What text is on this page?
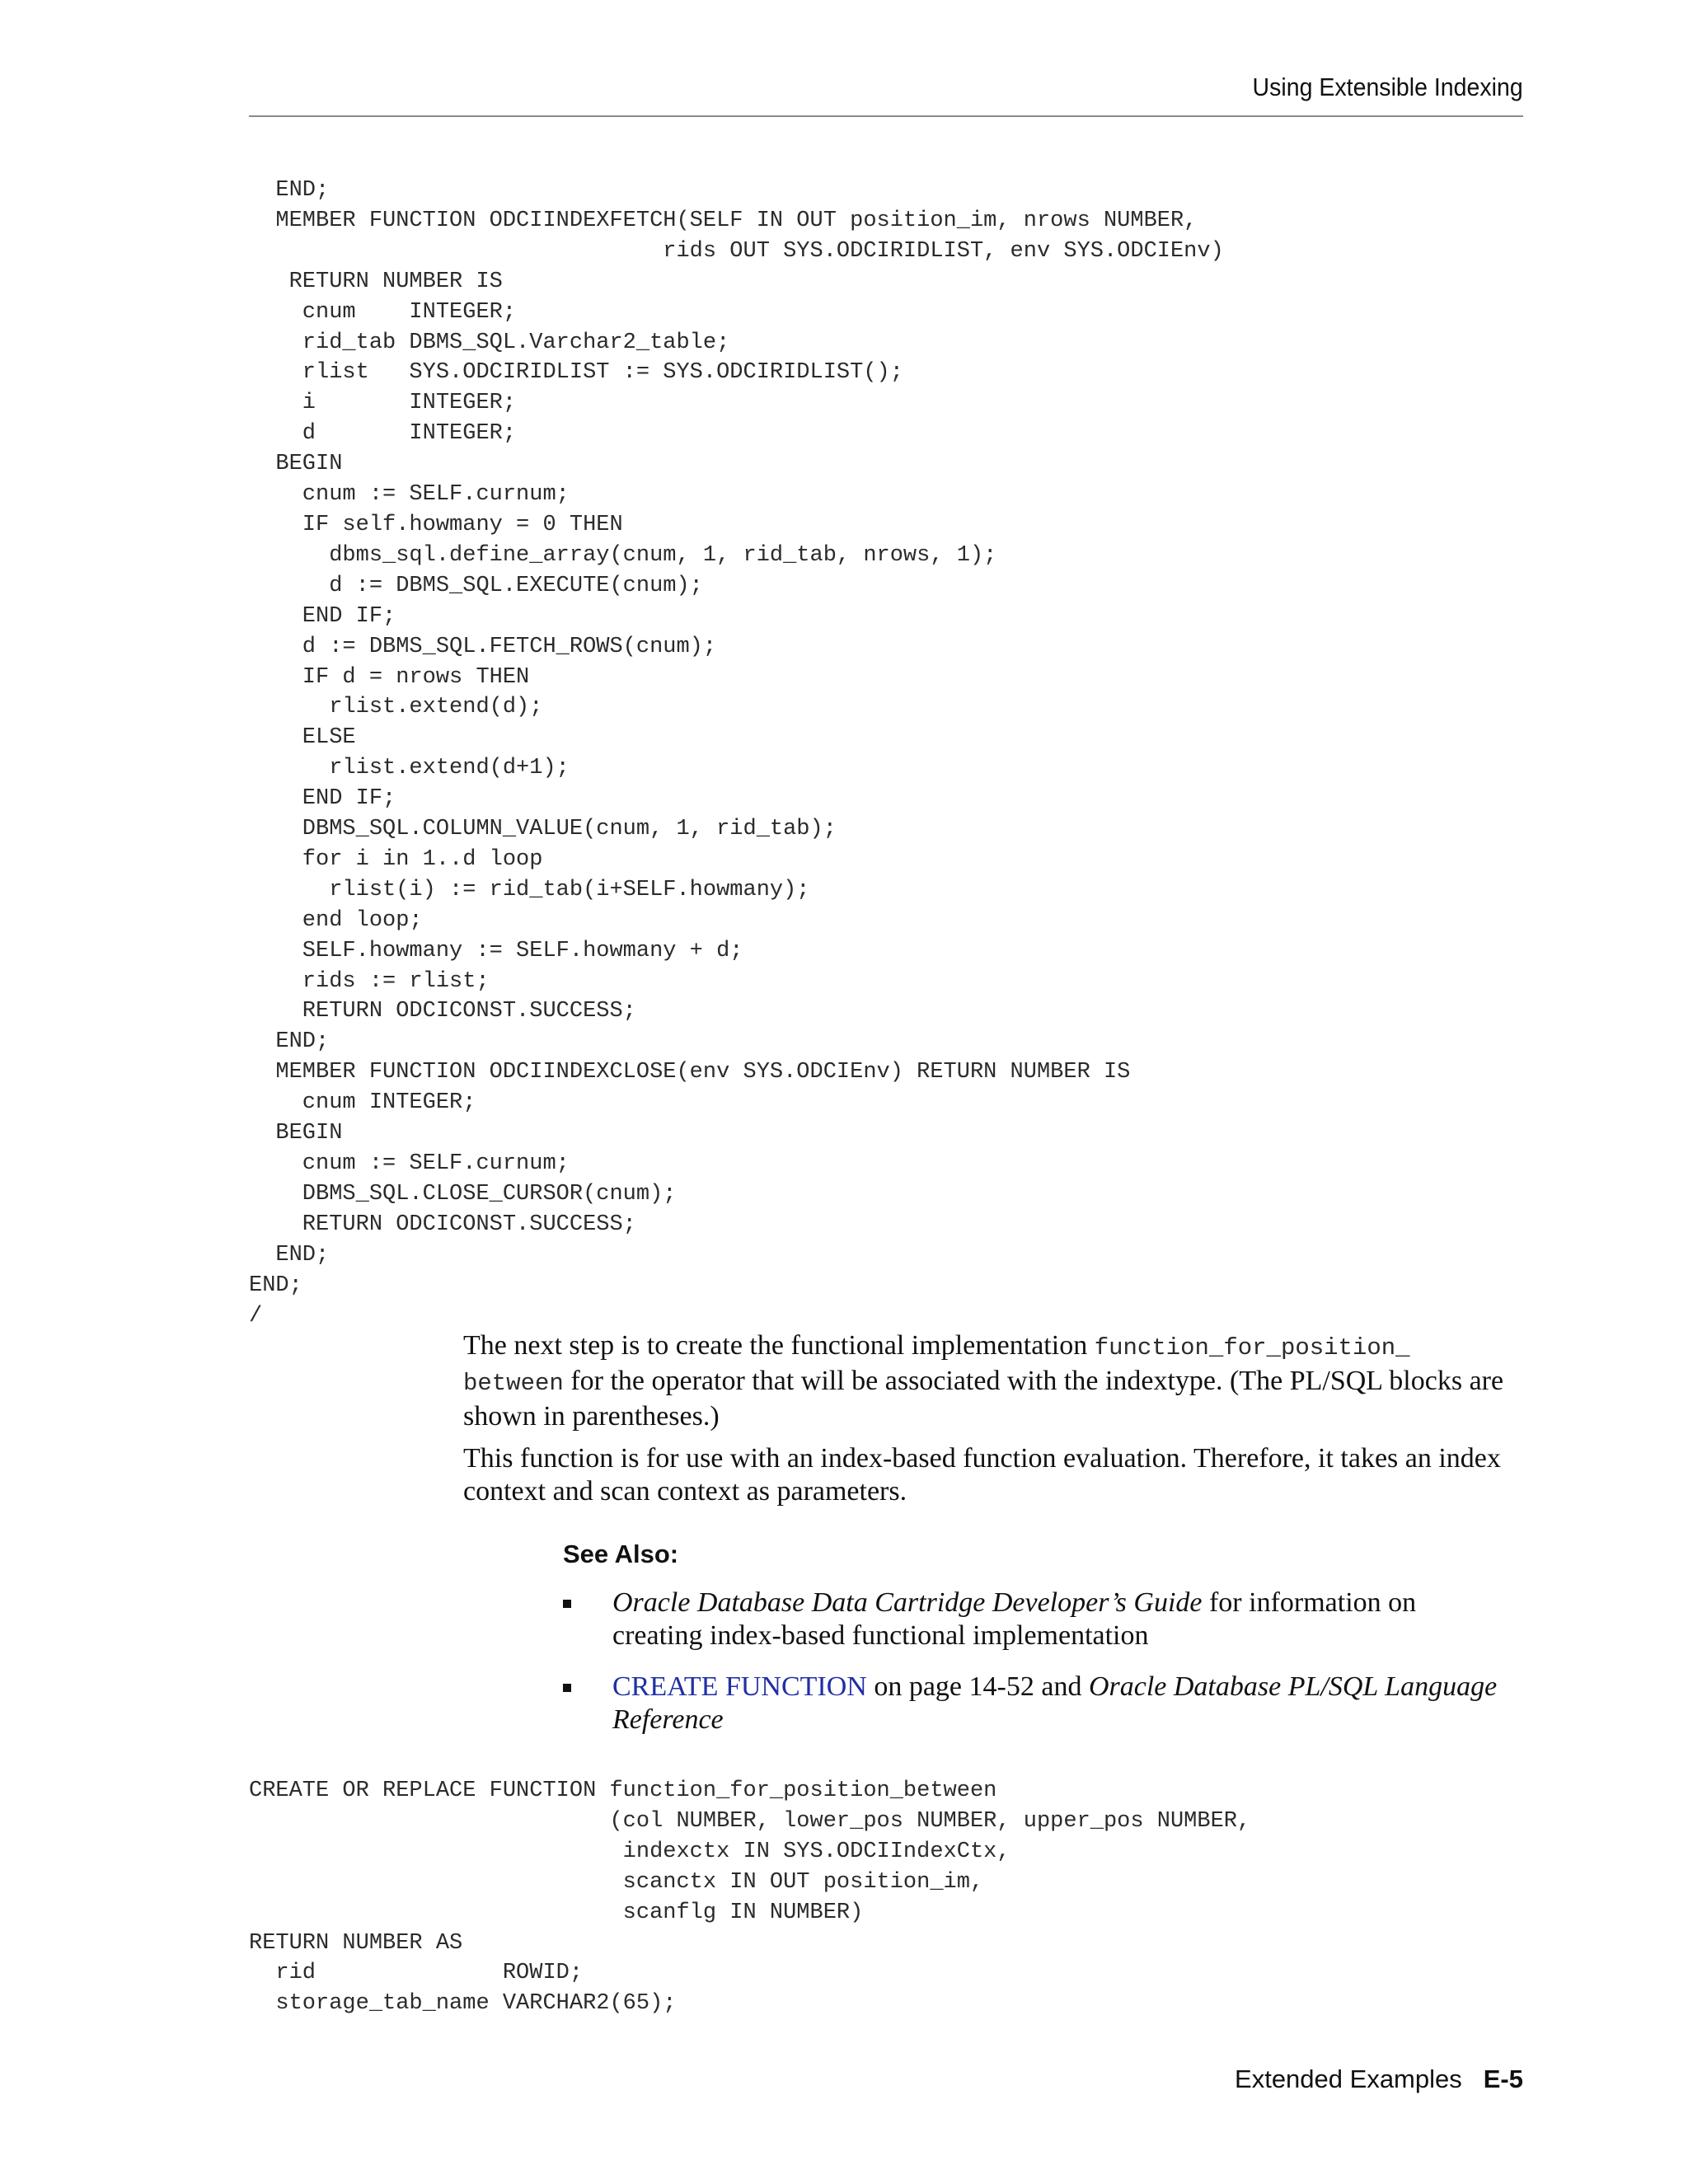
Using Extensible Indexing
END;
MEMBER FUNCTION ODCIINDEXFETCH(SELF IN OUT position_im, nrows NUMBER,
rids OUT SYS.ODCIRIDLIST, env SYS.ODCIEnv)
RETURN NUMBER IS
cnum    INTEGER;
rid_tab DBMS_SQL.Varchar2_table;
rlist   SYS.ODCIRIDLIST := SYS.ODCIRIDLIST();
i       INTEGER;
d       INTEGER;
BEGIN
cnum := SELF.curnum;
IF self.howmany = 0 THEN
dbms_sql.define_array(cnum, 1, rid_tab, nrows, 1);
d := DBMS_SQL.EXECUTE(cnum);
END IF;
d := DBMS_SQL.FETCH_ROWS(cnum);
IF d = nrows THEN
rlist.extend(d);
ELSE
rlist.extend(d+1);
END IF;
DBMS_SQL.COLUMN_VALUE(cnum, 1, rid_tab);
for i in 1..d loop
rlist(i) := rid_tab(i+SELF.howmany);
end loop;
SELF.howmany := SELF.howmany + d;
rids := rlist;
RETURN ODCICONST.SUCCESS;
END;
MEMBER FUNCTION ODCIINDEXCLOSE(env SYS.ODCIEnv) RETURN NUMBER IS
cnum INTEGER;
BEGIN
cnum := SELF.curnum;
DBMS_SQL.CLOSE_CURSOR(cnum);
RETURN ODCICONST.SUCCESS;
END;
END;
/
The next step is to create the functional implementation function_for_position_
between for the operator that will be associated with the indextype. (The PL/SQL blocks are shown in parentheses.)
This function is for use with an index-based function evaluation. Therefore, it takes an index context and scan context as parameters.
See Also:
Oracle Database Data Cartridge Developer’s Guide for information on creating index-based functional implementation
CREATE FUNCTION on page 14-52 and Oracle Database PL/SQL Language Reference
CREATE OR REPLACE FUNCTION function_for_position_between
(col NUMBER, lower_pos NUMBER, upper_pos NUMBER,
indexctx IN SYS.ODCIIndexCtx,
scanctx IN OUT position_im,
scanflg IN NUMBER)
RETURN NUMBER AS
rid              ROWID;
storage_tab_name VARCHAR2(65);
Extended Examples E-5
